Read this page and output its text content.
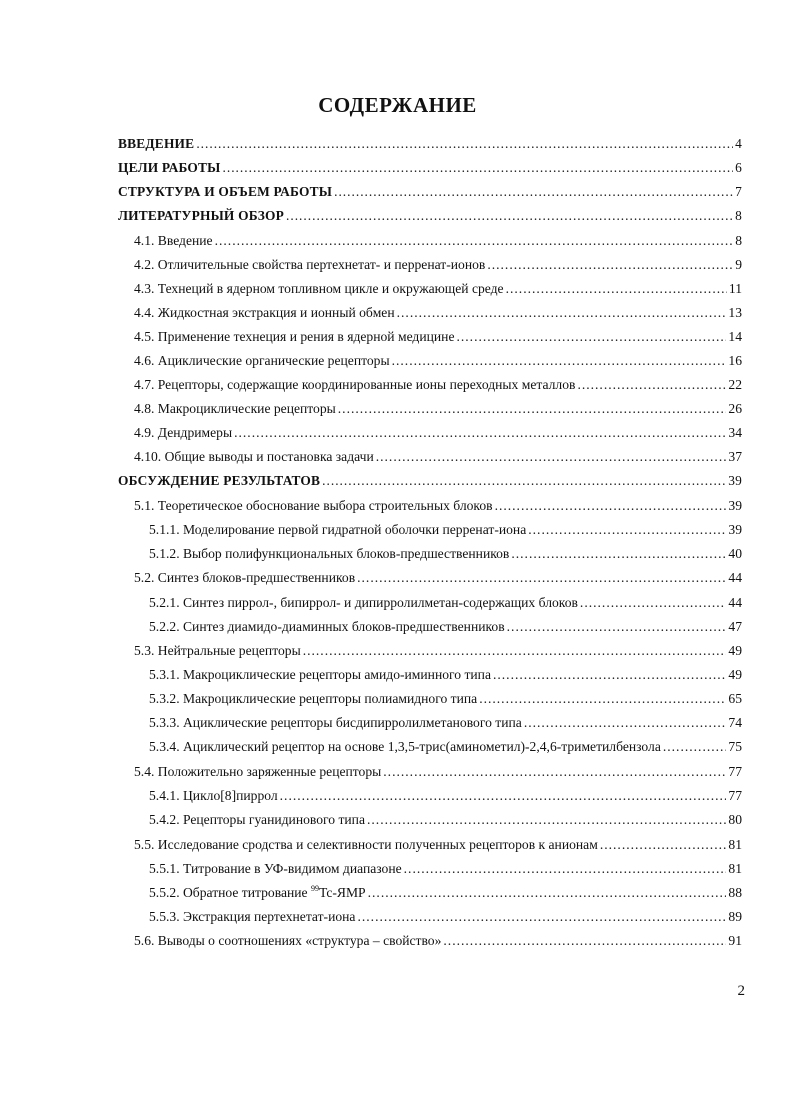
СОДЕРЖАНИЕ
ВВЕДЕНИЕ .....	4
ЦЕЛИ РАБОТЫ .....	6
СТРУКТУРА И ОБЪЕМ РАБОТЫ .....	7
ЛИТЕРАТУРНЫЙ ОБЗОР .....	8
4.1. Введение .....	8
4.2. Отличительные свойства пертехнетат- и перренат-ионов .....	9
4.3. Технеций в ядерном топливном цикле и окружающей среде .....	11
4.4. Жидкостная экстракция и ионный обмен .....	13
4.5. Применение технеция и рения в ядерной медицине .....	14
4.6. Ациклические органические рецепторы .....	16
4.7. Рецепторы, содержащие координированные ионы переходных металлов .....	22
4.8. Макроциклические рецепторы .....	26
4.9. Дендримеры .....	34
4.10. Общие выводы и постановка задачи .....	37
ОБСУЖДЕНИЕ РЕЗУЛЬТАТОВ .....	39
5.1. Теоретическое обоснование выбора строительных блоков .....	39
5.1.1. Моделирование первой гидратной оболочки перренат-иона .....	39
5.1.2. Выбор полифункциональных блоков-предшественников .....	40
5.2. Синтез блоков-предшественников .....	44
5.2.1. Синтез пиррол-, бипиррол- и дипирролилметан-содержащих блоков .....	44
5.2.2. Синтез диамидо-диаминных блоков-предшественников .....	47
5.3. Нейтральные рецепторы .....	49
5.3.1. Макроциклические рецепторы амидо-иминного типа .....	49
5.3.2. Макроциклические рецепторы полиамидного типа .....	65
5.3.3. Ациклические рецепторы бисдипирролилметанового типа .....	74
5.3.4. Ациклический рецептор на основе 1,3,5-трис(аминометил)-2,4,6-триметилбензола .....	75
5.4. Положительно заряженные рецепторы .....	77
5.4.1. Цикло[8]пиррол .....	77
5.4.2. Рецепторы гуанидинового типа .....	80
5.5. Исследование сродства и селективности полученных рецепторов к анионам .....	81
5.5.1. Титрование в УФ-видимом диапазоне .....	81
5.5.2. Обратное титрование $^{99}$Tc-ЯМР .....	88
5.5.3. Экстракция пертехнетат-иона .....	89
5.6. Выводы о соотношениях «структура – свойство» .....	91
2
